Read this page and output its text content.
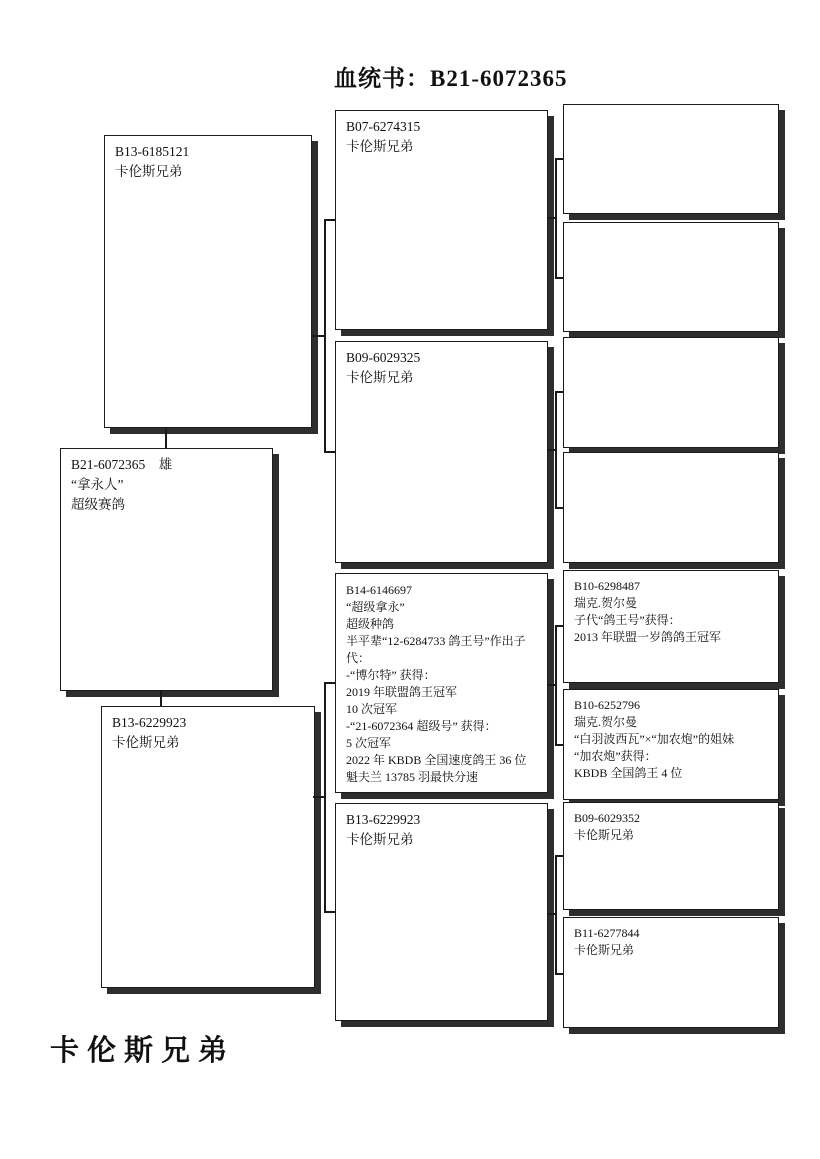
血统书：B21-6072365
B13-6185121
卡伦斯兄弟
B21-6072365　雄
“拿永人”
超级赛鸽
B13-6229923
卡伦斯兄弟
B07-6274315
卡伦斯兄弟
B09-6029325
卡伦斯兄弟
B14-6146697
“超级拿永”
超级种鸽
半平辈“12-6284733 鸽王号”作出子代：
-“博尔特” 获得：
2019 年联盟鸽王冠军
10 次冠军
-“21-6072364 超级号” 获得：
5 次冠军
2022 年 KBDB 全国速度鸽王 36 位
魁夫兰 13785 羽最快分速
B13-6229923
卡伦斯兄弟
B10-6298487
瑞克.贺尔曼
子代“鸽王号”获得：
2013 年联盟一岁鸽鸽王冠军
B10-6252796
瑞克.贺尔曼
“白羽波西瓦”×“加农炮”的姐妹
“加农炮”获得：
KBDB 全国鸽王 4 位
B09-6029352
卡伦斯兄弟
B11-6277844
卡伦斯兄弟
卡伦斯兄弟
